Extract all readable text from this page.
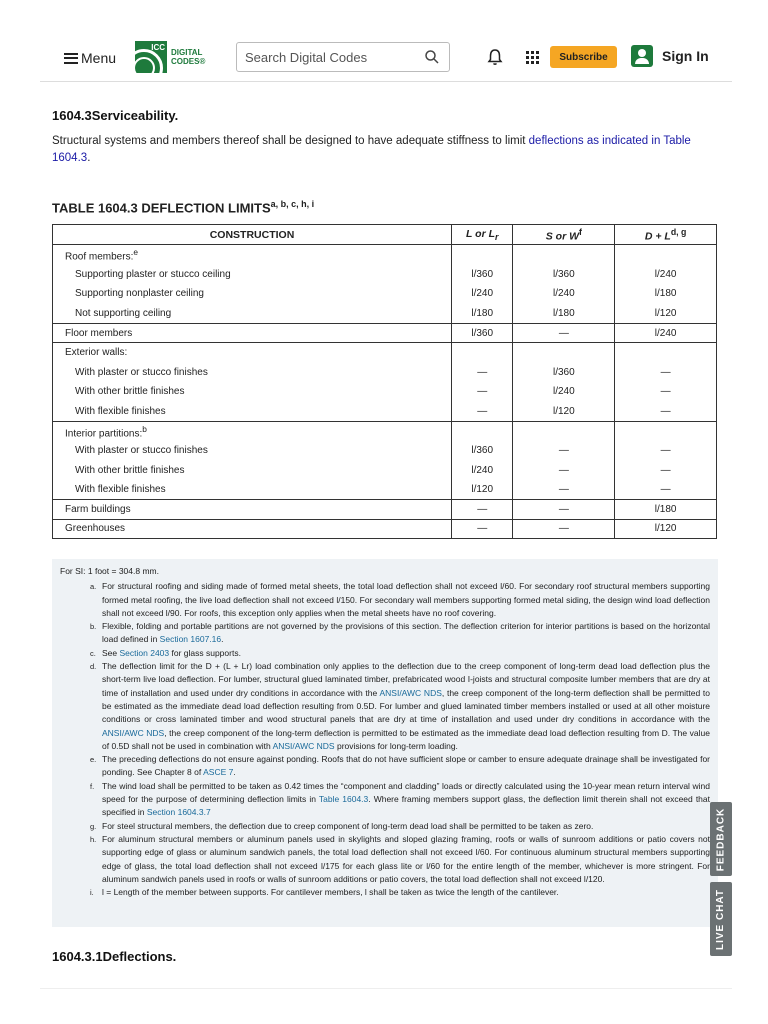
Menu
ICC
DIGITAL
CODES®
Search Digital Codes	Subscribe	Sign In
1604.3Serviceability.

Structural systems and members thereof shall be designed to have adequate stiffness to limit deflections as indicated in Table 1604.3.

TABLE 1604.3 DEFLECTION LIMITS$^{a, b, c, h, i}$
CONSTRUCTION	L or $L_r$	S or $W^f$	D + L$^{d, g}$
Roof members:$^e$			
Supporting plaster or stucco ceiling	l/360	l/360	l/240
Supporting nonplaster ceiling	l/240	l/240	l/180
Not supporting ceiling	l/180	l/180	l/120
Floor members	l/360	—	l/240
Exterior walls:			
With plaster or stucco finishes	—	l/360	—
With other brittle finishes	—	l/240	—
With flexible finishes	—	l/120	—
Interior partitions:$^b$			
With plaster or stucco finishes	l/360	—	—
With other brittle finishes	l/240	—	—
With flexible finishes	l/120	—	—
Farm buildings	—	—	l/180
Greenhouses	—	—	l/120
For SI: 1 foot = 304.8 mm.
a. For structural roofing and siding made of formed metal sheets, the total load deflection shall not exceed l/60. For secondary roof structural members supporting formed metal roofing, the live load deflection shall not exceed l/150. For secondary wall members supporting formed metal siding, the design wind load deflection shall not exceed l/90. For roofs, this exception only applies when the metal sheets have no roof covering.
b. Flexible, folding and portable partitions are not governed by the provisions of this section. The deflection criterion for interior partitions is based on the horizontal load defined in Section 1607.16.
c. See Section 2403 for glass supports.
d. The deflection limit for the D + (L + Lr) load combination only applies to the deflection due to the creep component of long-term dead load deflection plus the short-term live load deflection. For lumber, structural glued laminated timber, prefabricated wood I-joists and structural composite lumber members that are dry at time of installation and used under dry conditions in accordance with the ANSI/AWC NDS, the creep component of the long-term deflection shall be permitted to be estimated as the immediate dead load deflection resulting from 0.5D. For lumber and glued laminated timber members installed or used at all other moisture conditions or cross laminated timber and wood structural panels that are dry at time of installation and used under dry conditions in accordance with the ANSI/AWC NDS, the creep component of the long-term deflection is permitted to be estimated as the immediate dead load deflection resulting from D. The value of 0.5D shall not be used in combination with ANSI/AWC NDS provisions for long-term loading.
e. The preceding deflections do not ensure against ponding. Roofs that do not have sufficient slope or camber to ensure adequate drainage shall be investigated for ponding. See Chapter 8 of ASCE 7.
f. The wind load shall be permitted to be taken as 0.42 times the “component and cladding” loads or directly calculated using the 10-year mean return interval wind speed for the purpose of determining deflection limits in Table 1604.3. Where framing members support glass, the deflection limit therein shall not exceed that specified in Section 1604.3.7
g. For steel structural members, the deflection due to creep component of long-term dead load shall be permitted to be taken as zero.
h. For aluminum structural members or aluminum panels used in skylights and sloped glazing framing, roofs or walls of sunroom additions or patio covers not supporting edge of glass or aluminum sandwich panels, the total load deflection shall not exceed l/60. For continuous aluminum structural members supporting edge of glass, the total load deflection shall not exceed l/175 for each glass lite or l/60 for the entire length of the member, whichever is more stringent. For aluminum sandwich panels used in roofs or walls of sunroom additions or patio covers, the total load deflection shall not exceed l/120.
i. l = Length of the member between supports. For cantilever members, l shall be taken as twice the length of the cantilever.
1604.3.1Deflections.
FEEDBACK
LIVE CHAT
